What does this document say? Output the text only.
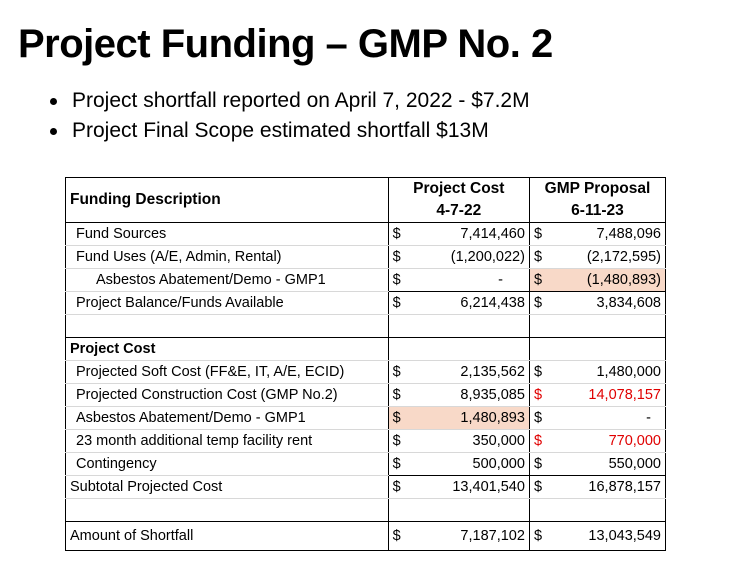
Project Funding – GMP No. 2
Project shortfall reported on April 7, 2022 - $7.2M
Project Final Scope estimated shortfall $13M
Funding Description	Project Cost		GMP Proposal	
	4-7-22		6-11-23	
Fund Sources	$	7,414,460	$	7,488,096
Fund Uses (A/E, Admin, Rental)	$	(1,200,022)	$	(2,172,595)
Asbestos Abatement/Demo - GMP1	$	-	$	(1,480,893)
Project Balance/Funds Available	$	6,214,438	$	3,834,608

Project Cost				
Projected Soft Cost (FF&E, IT, A/E, ECID)	$	2,135,562	$	1,480,000
Projected Construction Cost (GMP No.2)	$	8,935,085	$	14,078,157
Asbestos Abatement/Demo - GMP1	$	1,480,893	$	-
23 month additional temp facility rent	$	350,000	$	770,000
Contingency	$	500,000	$	550,000
Subtotal Projected Cost	$	13,401,540	$	16,878,157

Amount of Shortfall	$	7,187,102	$	13,043,549
